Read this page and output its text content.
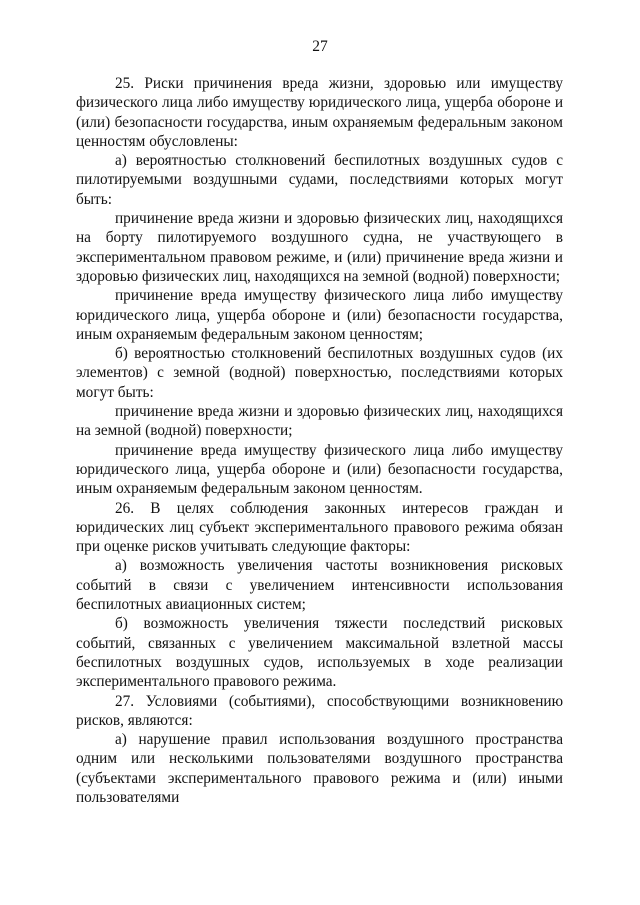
27

25. Риски причинения вреда жизни, здоровью или имуществу физического лица либо имуществу юридического лица, ущерба обороне и (или) безопасности государства, иным охраняемым федеральным законом ценностям обусловлены:

а) вероятностью столкновений беспилотных воздушных судов с пилотируемыми воздушными судами, последствиями которых могут быть:

причинение вреда жизни и здоровью физических лиц, находящихся на борту пилотируемого воздушного судна, не участвующего в экспериментальном правовом режиме, и (или) причинение вреда жизни и здоровью физических лиц, находящихся на земной (водной) поверхности;

причинение вреда имуществу физического лица либо имуществу юридического лица, ущерба обороне и (или) безопасности государства, иным охраняемым федеральным законом ценностям;

б) вероятностью столкновений беспилотных воздушных судов (их элементов) с земной (водной) поверхностью, последствиями которых могут быть:

причинение вреда жизни и здоровью физических лиц, находящихся на земной (водной) поверхности;

причинение вреда имуществу физического лица либо имуществу юридического лица, ущерба обороне и (или) безопасности государства, иным охраняемым федеральным законом ценностям.

26. В целях соблюдения законных интересов граждан и юридических лиц субъект экспериментального правового режима обязан при оценке рисков учитывать следующие факторы:

а) возможность увеличения частоты возникновения рисковых событий в связи с увеличением интенсивности использования беспилотных авиационных систем;

б) возможность увеличения тяжести последствий рисковых событий, связанных с увеличением максимальной взлетной массы беспилотных воздушных судов, используемых в ходе реализации экспериментального правового режима.

27. Условиями (событиями), способствующими возникновению рисков, являются:

а) нарушение правил использования воздушного пространства одним или несколькими пользователями воздушного пространства (субъектами экспериментального правового режима и (или) иными пользователями
